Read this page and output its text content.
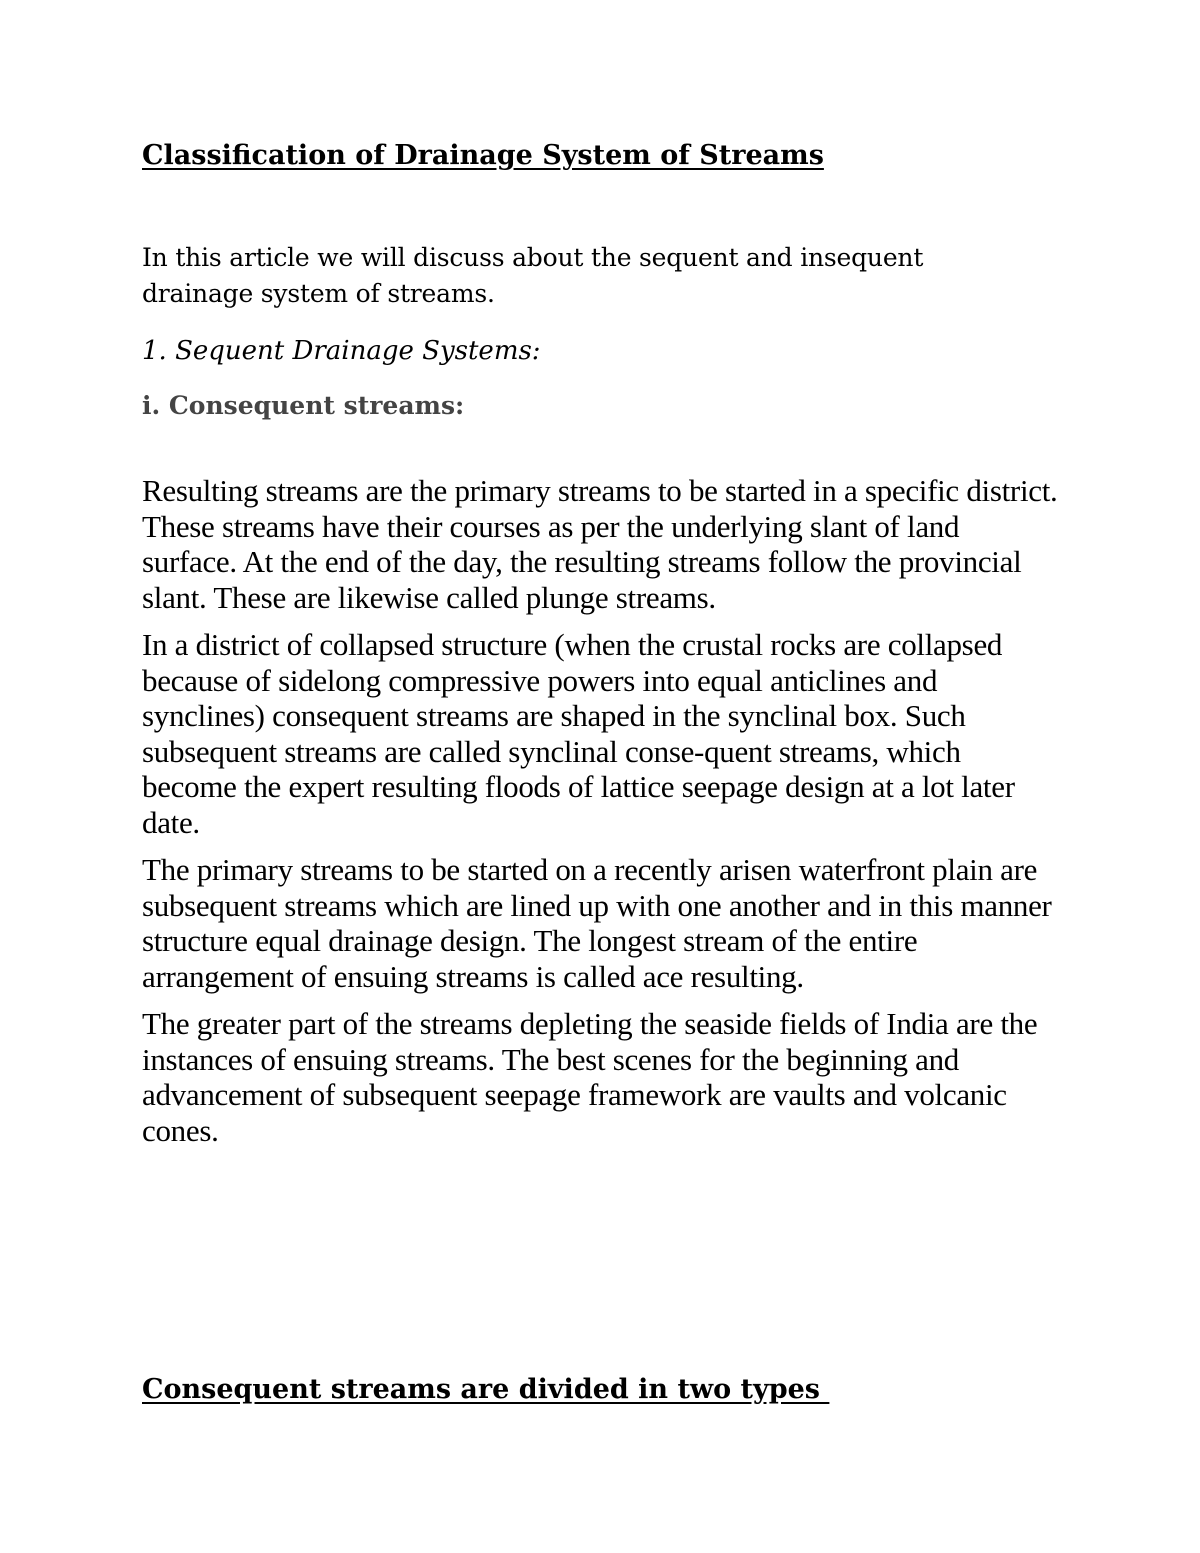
Classification of Drainage System of Streams

In this article we will discuss about the sequent and insequent drainage system of streams.

1. Sequent Drainage Systems:
i. Consequent streams:

Resulting streams are the primary streams to be started in a specific district. These streams have their courses as per the underlying slant of land surface. At the end of the day, the resulting streams follow the provincial slant. These are likewise called plunge streams.

In a district of collapsed structure (when the crustal rocks are collapsed because of sidelong compressive powers into equal anticlines and synclines) consequent streams are shaped in the synclinal box. Such subsequent streams are called synclinal conse-quent streams, which become the expert resulting floods of lattice seepage design at a lot later date.

The primary streams to be started on a recently arisen waterfront plain are subsequent streams which are lined up with one another and in this manner structure equal drainage design. The longest stream of the entire arrangement of ensuing streams is called ace resulting.

The greater part of the streams depleting the seaside fields of India are the instances of ensuing streams. The best scenes for the beginning and advancement of subsequent seepage framework are vaults and volcanic cones.

Consequent streams are divided in two types
